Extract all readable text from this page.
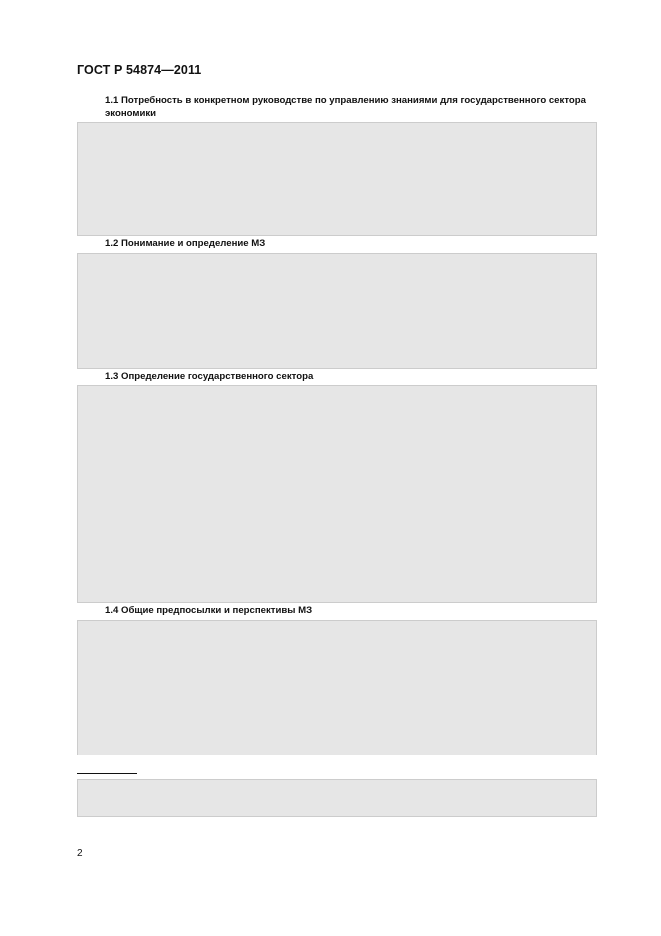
ГОСТ Р 54874—2011
1.1 Потребность в конкретном руководстве по управлению знаниями для государственного сектора экономики
1.2 Понимание и определение МЗ
1.3 Определение государственного сектора
1.4 Общие предпосылки и перспективы МЗ
2
